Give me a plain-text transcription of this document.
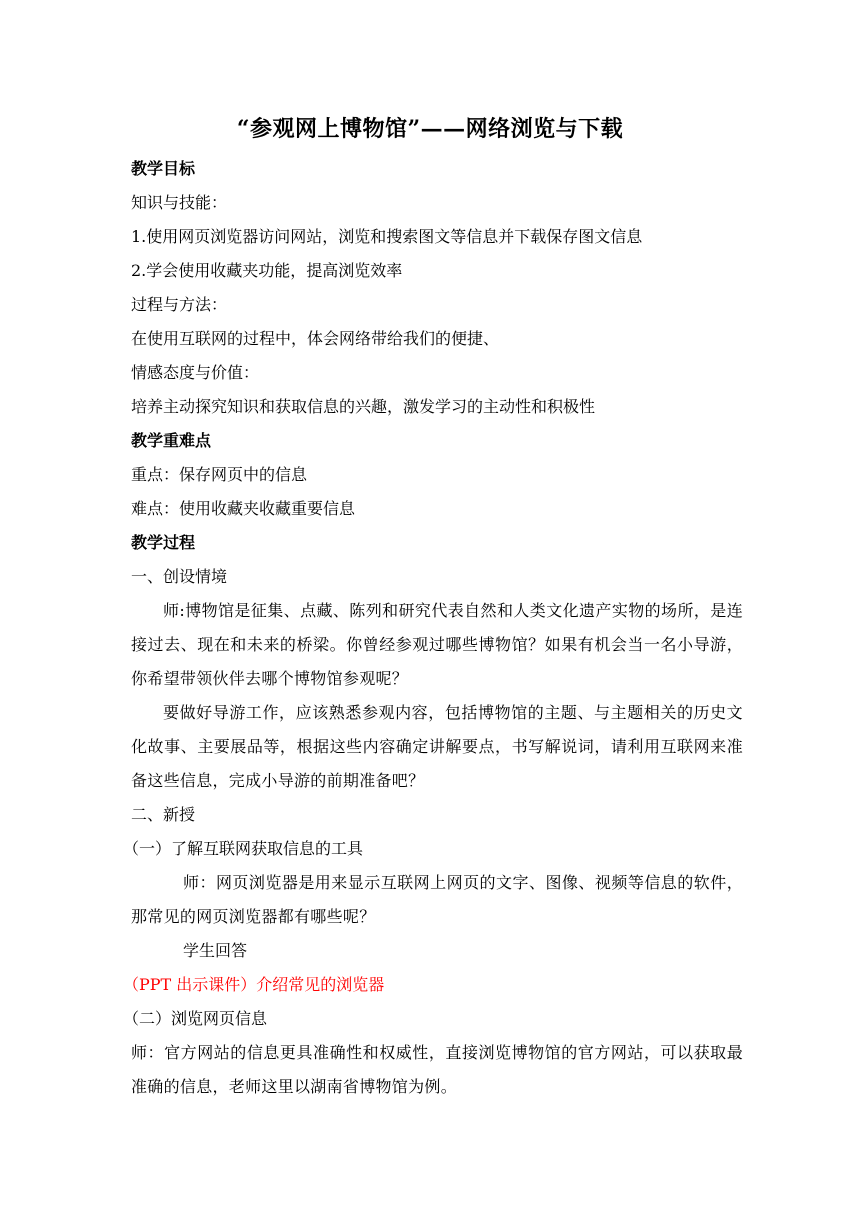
“参观网上博物馆”——网络浏览与下载
教学目标
知识与技能：
1.使用网页浏览器访问网站，浏览和搜索图文等信息并下载保存图文信息
2.学会使用收藏夹功能，提高浏览效率
过程与方法：
在使用互联网的过程中，体会网络带给我们的便捷、
情感态度与价值：
培养主动探究知识和获取信息的兴趣，激发学习的主动性和积极性
教学重难点
重点：保存网页中的信息
难点：使用收藏夹收藏重要信息
教学过程
一、创设情境
师:博物馆是征集、点藏、陈列和研究代表自然和人类文化遗产实物的场所，是连接过去、现在和未来的桥梁。你曾经参观过哪些博物馆？如果有机会当一名小导游，你希望带领伙伴去哪个博物馆参观呢？
要做好导游工作，应该熟悉参观内容，包括博物馆的主题、与主题相关的历史文化故事、主要展品等，根据这些内容确定讲解要点，书写解说词，请利用互联网来准备这些信息，完成小导游的前期准备吧？
二、新授
（一）了解互联网获取信息的工具
师：网页浏览器是用来显示互联网上网页的文字、图像、视频等信息的软件，那常见的网页浏览器都有哪些呢？
学生回答
（PPT 出示课件）介绍常见的浏览器
（二）浏览网页信息
师：官方网站的信息更具准确性和权威性，直接浏览博物馆的官方网站，可以获取最准确的信息，老师这里以湖南省博物馆为例。
